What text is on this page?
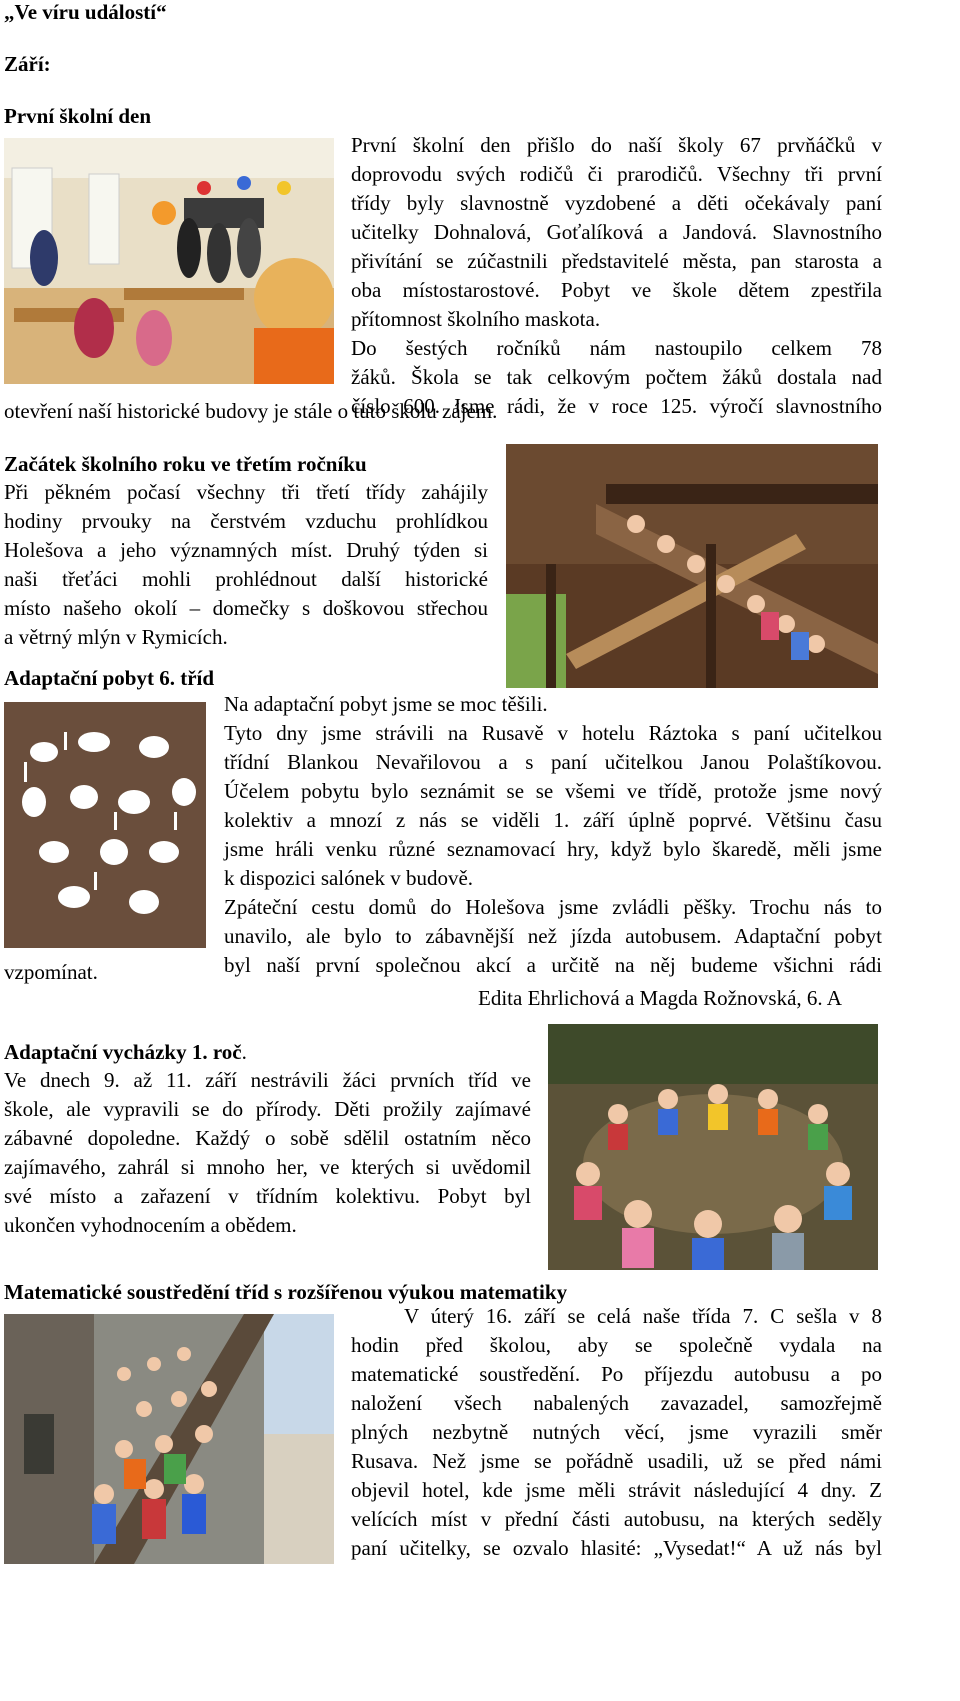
„Ve víru událostí“
Září:
První školní den
První školní den přišlo do naší školy 67 prvňáčků v
doprovodu svých rodičů či prarodičů. Všechny tři první
třídy byly slavnostně vyzdobené a děti očekávaly paní
učitelky Dohnalová, Goťalíková a Jandová. Slavnostního
přivítání se zúčastnili představitelé města, pan starosta a
oba místostarostové. Pobyt ve škole dětem zpestřila
přítomnost školního maskota.
Do šestých ročníků nám nastoupilo celkem 78
žáků. Škola se tak celkovým počtem žáků dostala nad
číslo 600. Jsme rádi, že v roce 125. výročí slavnostního
otevření naší historické budovy je stále o tuto školu zájem.
Začátek školního roku ve třetím ročníku
Při pěkném počasí všechny tři třetí třídy zahájily
hodiny prvouky na čerstvém vzduchu prohlídkou
Holešova a jeho významných míst. Druhý týden si
naši třeťáci mohli prohlédnout další historické
místo našeho okolí – domečky s doškovou střechou
a větrný mlýn v Rymicích.
Adaptační pobyt 6. tříd
Na adaptační pobyt jsme se moc těšili.
Tyto dny jsme strávili na Rusavě v hotelu Ráztoka s paní učitelkou
třídní Blankou Nevařilovou a s paní učitelkou Janou Polaštíkovou.
Účelem pobytu bylo seznámit se se všemi ve třídě, protože jsme nový
kolektiv a mnozí z nás se viděli 1. září úplně poprvé. Většinu času
jsme hráli venku různé seznamovací hry, když bylo škaredě, měli jsme
k dispozici salónek v budově.
Zpáteční cestu domů do Holešova jsme zvládli pěšky. Trochu nás to
unavilo, ale bylo to zábavnější než jízda autobusem. Adaptační pobyt
byl naší první společnou akcí a určitě na něj budeme všichni rádi
vzpomínat.
Edita Ehrlichová a Magda Rožnovská, 6. A
Adaptační vycházky 1. roč.
Ve dnech 9. až 11. září nestrávili žáci prvních tříd ve
škole, ale vypravili se do přírody. Děti prožily zajímavé
zábavné dopoledne. Každý o sobě sdělil ostatním něco
zajímavého, zahrál si mnoho her, ve kterých si uvědomil
své místo a zařazení v třídním kolektivu. Pobyt byl
ukončen vyhodnocením a obědem.
Matematické soustředění tříd s rozšířenou výukou matematiky
V úterý 16. září se celá naše třída 7. C sešla v 8
hodin před školou, aby se společně vydala na
matematické soustředění. Po příjezdu autobusu a po
naložení všech nabalených zavazadel, samozřejmě
plných nezbytně nutných věcí, jsme vyrazili směr
Rusava. Než jsme se pořádně usadili, už se před námi
objevil hotel, kde jsme měli strávit následující 4 dny. Z
velících míst v přední části autobusu, na kterých seděly
paní učitelky, se ozvalo hlasité: „Vysedat!“ A už nás byl
